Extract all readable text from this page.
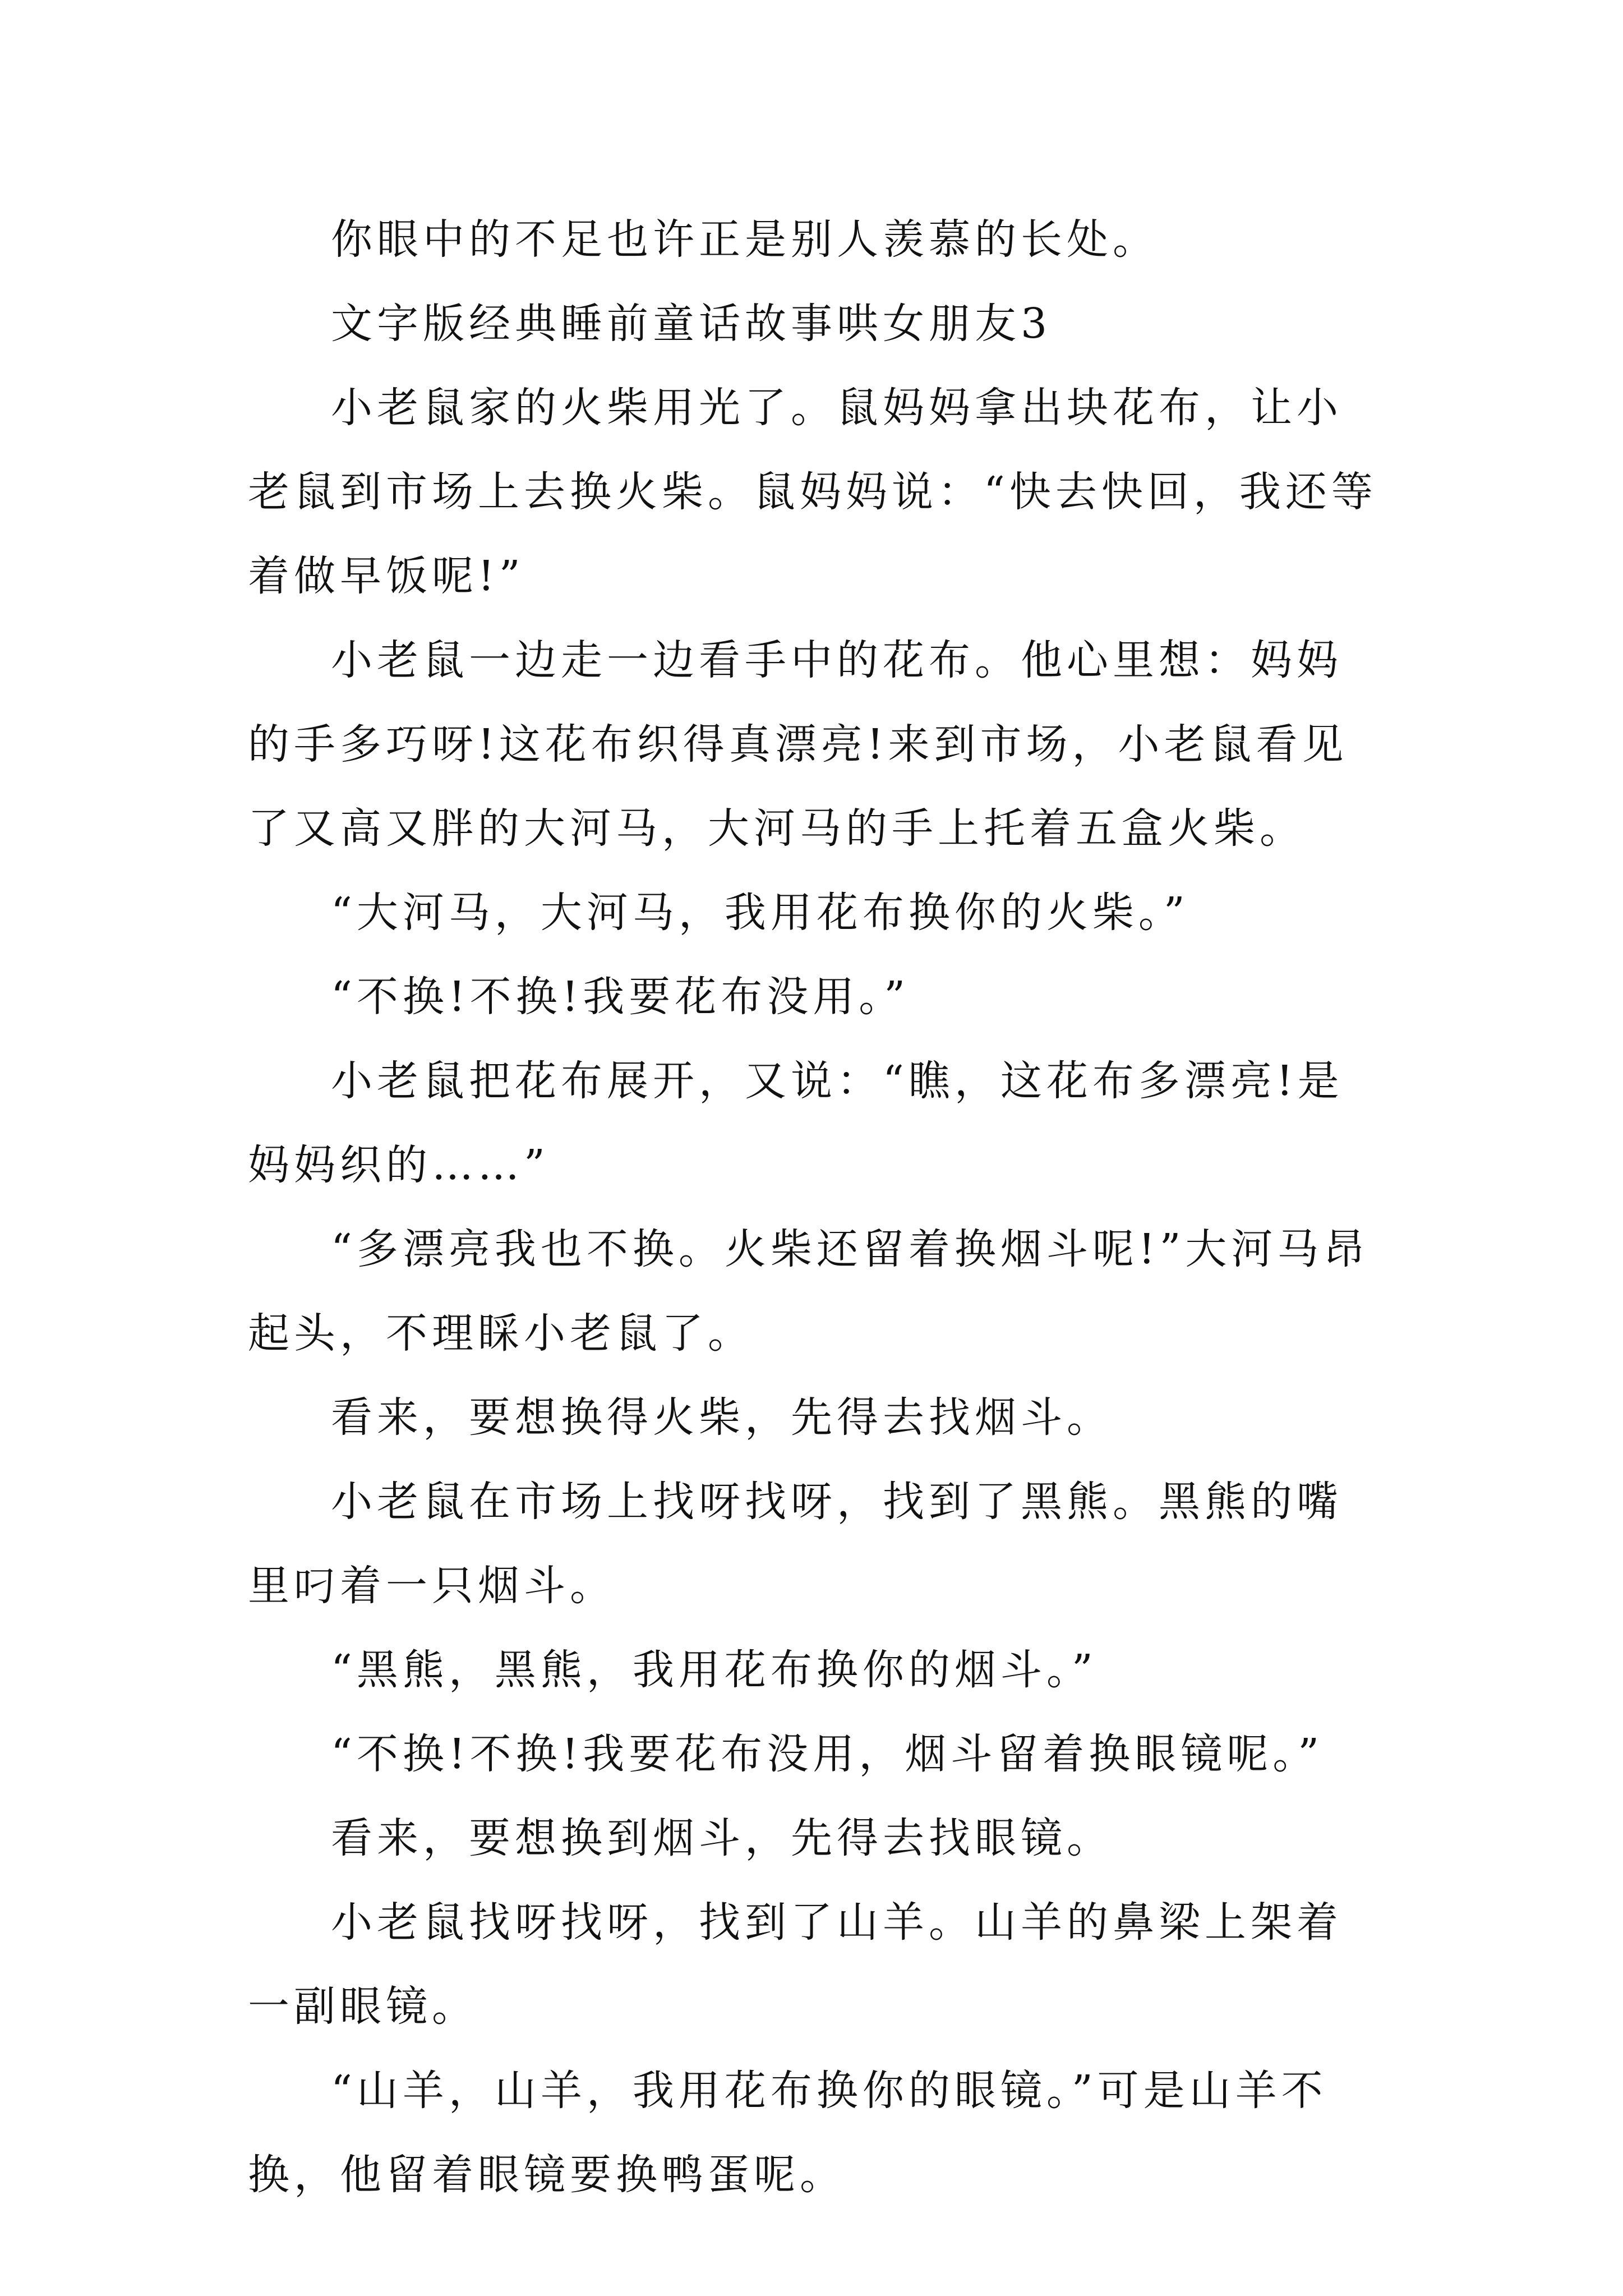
你眼中的不足也许正是别人羡慕的长处。

文字版经典睡前童话故事哄女朋友3

小老鼠家的火柴用光了。鼠妈妈拿出块花布，让小老鼠到市场上去换火柴。鼠妈妈说：“快去快回，我还等着做早饭呢!”

小老鼠一边走一边看手中的花布。他心里想：妈妈的手多巧呀!这花布织得真漂亮!来到市场，小老鼠看见了又高又胖的大河马，大河马的手上托着五盒火柴。

“大河马，大河马，我用花布换你的火柴。”

“不换!不换!我要花布没用。”

小老鼠把花布展开，又说：“瞧，这花布多漂亮!是妈妈织的……”

“多漂亮我也不换。火柴还留着换烟斗呢!”大河马昂起头，不理睬小老鼠了。

看来，要想换得火柴，先得去找烟斗。

小老鼠在市场上找呀找呀，找到了黑熊。黑熊的嘴里叼着一只烟斗。

“黑熊，黑熊，我用花布换你的烟斗。”

“不换!不换!我要花布没用，烟斗留着换眼镜呢。”

看来，要想换到烟斗，先得去找眼镜。

小老鼠找呀找呀，找到了山羊。山羊的鼻梁上架着一副眼镜。

“山羊，山羊，我用花布换你的眼镜。”可是山羊不换，他留着眼镜要换鸭蛋呢。
